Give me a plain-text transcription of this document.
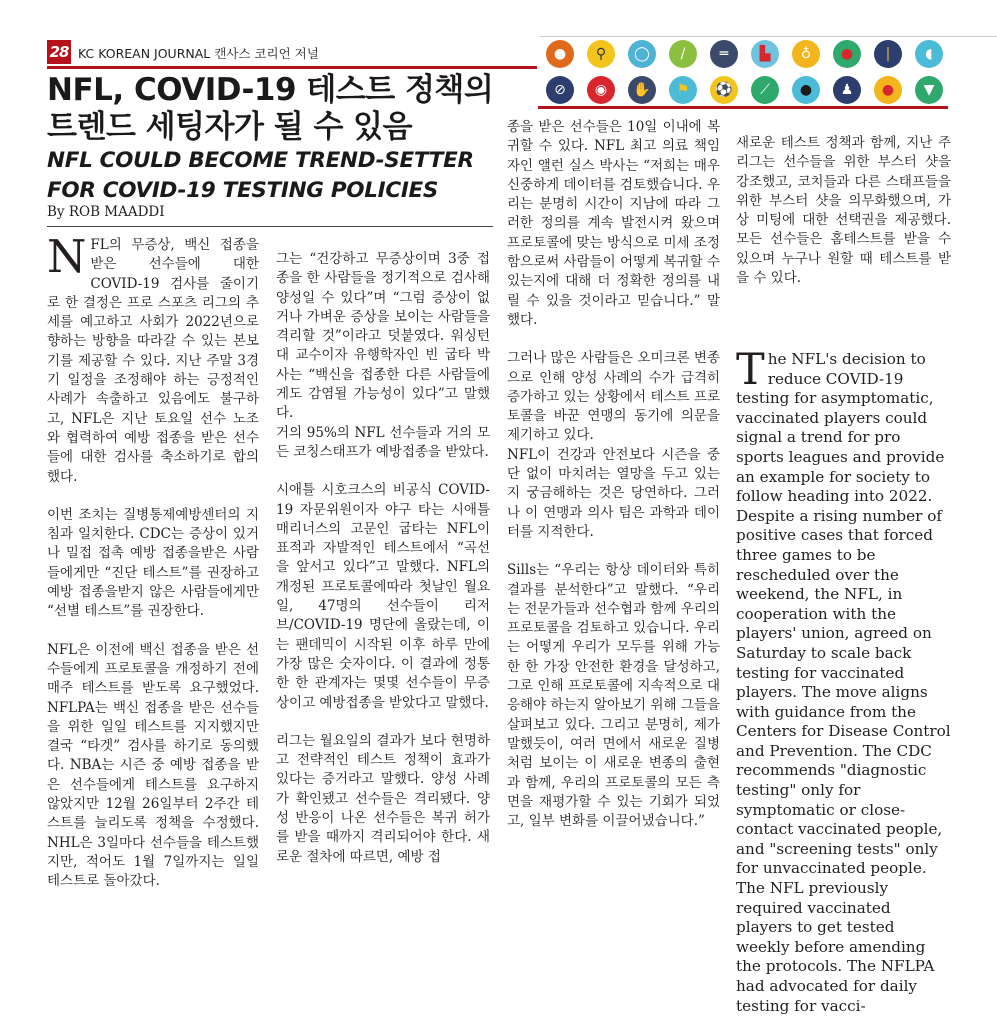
28 KC KOREAN JOURNAL 캔사스 코리언 저널	●	⚲	◯	/	═	▙	♁	●	|	◖
⊘	◉	✋	⚑	⚽	⟋	●	♟	●	▼
NFL, COVID-19 테스트 정책의
트렌드 세팅자가 될 수 있음
NFL COULD BECOME TREND-SETTER
FOR COVID-19 TESTING POLICIES
By ROB MAADDI

NFL의 무증상, 백신 접종을 받은 선수들에 대한 COVID-19 검사를 줄이기로 한 결정은 프로 스포츠 리그의 추세를 예고하고 사회가 2022년으로 향하는 방향을 따라갈 수 있는 본보기를 제공할 수 있다. 지난 주말 3경기 일정을 조정해야 하는 긍정적인 사례가 속출하고 있음에도 불구하고, NFL은 지난 토요일 선수 노조와 협력하여 예방 접종을 받은 선수들에 대한 검사를 축소하기로 합의했다.

이번 조치는 질병통제예방센터의 지침과 일치한다. CDC는 증상이 있거나 밀접 접촉 예방 접종을받은 사람들에게만 “진단 테스트”를 권장하고 예방 접종을받지 않은 사람들에게만 “선별 테스트”를 권장한다.

NFL은 이전에 백신 접종을 받은 선수들에게 프로토콜을 개정하기 전에 매주 테스트를 받도록 요구했었다. NFLPA는 백신 접종을 받은 선수들을 위한 일일 테스트를 지지했지만 결국 “타겟” 검사를 하기로 동의했다. NBA는 시즌 중 예방 접종을 받은 선수들에게 테스트를 요구하지 않았지만 12월 26일부터 2주간 테스트를 늘리도록 정책을 수정했다. NHL은 3일마다 선수들을 테스트했지만, 적어도 1월 7일까지는 일일 테스트로 돌아갔다.

그는 “건강하고 무증상이며 3중 접종을 한 사람들을 정기적으로 검사해 양성일 수 있다”며 “그럼 증상이 없거나 가벼운 증상을 보이는 사람들을 격리할 것”이라고 덧붙였다. 워싱턴대 교수이자 유행학자인 빈 굽타 박사는 “백신을 접종한 다른 사람들에게도 감염될 가능성이 있다”고 말했다.

거의 95%의 NFL 선수들과 거의 모든 코칭스태프가 예방접종을 받았다.

시애틀 시호크스의 비공식 COVID-19 자문위원이자 야구 타는 시애틀 매리너스의 고문인 굽타는 NFL이 표적과 자발적인 테스트에서 “곡선을 앞서고 있다”고 말했다. NFL의 개정된 프로토콜에따라 첫날인 월요일, 47명의 선수들이 리저브/COVID-19 명단에 올랐는데, 이는 팬데믹이 시작된 이후 하루 만에 가장 많은 숫자이다. 이 결과에 정통한 한 관계자는 몇몇 선수들이 무증상이고 예방접종을 받았다고 말했다.

리그는 월요일의 결과가 보다 현명하고 전략적인 테스트 정책이 효과가 있다는 증거라고 말했다. 양성 사례가 확인됐고 선수들은 격리됐다. 양성 반응이 나온 선수들은 복귀 허가를 받을 때까지 격리되어야 한다. 새로운 절차에 따르면, 예방 접

종을 받은 선수들은 10일 이내에 복귀할 수 있다. NFL 최고 의료 책임자인 앨런 실스 박사는 “저희는 매우 신중하게 데이터를 검토했습니다. 우리는 분명히 시간이 지남에 따라 그러한 정의를 계속 발전시켜 왔으며 프로토콜에 맞는 방식으로 미세 조정함으로써 사람들이 어떻게 복귀할 수 있는지에 대해 더 정확한 정의를 내릴 수 있을 것이라고 믿습니다.” 말했다.

그러나 많은 사람들은 오미크론 변종으로 인해 양성 사례의 수가 급격히 증가하고 있는 상황에서 테스트 프로토콜을 바꾼 연맹의 동기에 의문을 제기하고 있다.

NFL이 건강과 안전보다 시즌을 중단 없이 마치려는 열망을 두고 있는지 궁금해하는 것은 당연하다. 그러나 이 연맹과 의사 팀은 과학과 데이터를 지적한다.

Sills는 “우리는 항상 데이터와 특히 결과를 분석한다”고 말했다. “우리는 전문가들과 선수협과 함께 우리의 프로토콜을 검토하고 있습니다. 우리는 어떻게 우리가 모두를 위해 가능한 한 가장 안전한 환경을 달성하고, 그로 인해 프로토콜에 지속적으로 대응해야 하는지 알아보기 위해 그들을 살펴보고 있다. 그리고 분명히, 제가 말했듯이, 여러 면에서 새로운 질병처럼 보이는 이 새로운 변종의 출현과 함께, 우리의 프로토콜의 모든 측면을 재평가할 수 있는 기회가 되었고, 일부 변화를 이끌어냈습니다.”

새로운 테스트 정책과 함께, 지난 주 리그는 선수들을 위한 부스터 샷을 강조했고, 코치들과 다른 스태프들을 위한 부스터 샷을 의무화했으며, 가상 미팅에 대한 선택권을 제공했다. 모든 선수들은 홈테스트를 받을 수 있으며 누구나 원할 때 테스트를 받을 수 있다.

The NFL's decision to reduce COVID-19 testing for asymptomatic, vaccinated players could signal a trend for pro sports leagues and provide an example for society to follow heading into 2022.
Despite a rising number of positive cases that forced three games to be rescheduled over the weekend, the NFL, in cooperation with the players' union, agreed on Saturday to scale back testing for vaccinated players. The move aligns with guidance from the Centers for Disease Control and Prevention. The CDC recommends "diagnostic testing" only for symptomatic or close-contact vaccinated people, and "screening tests" only for unvaccinated people.
The NFL previously required vaccinated players to get tested weekly before amending the protocols. The NFLPA had advocated for daily testing for vacci-
